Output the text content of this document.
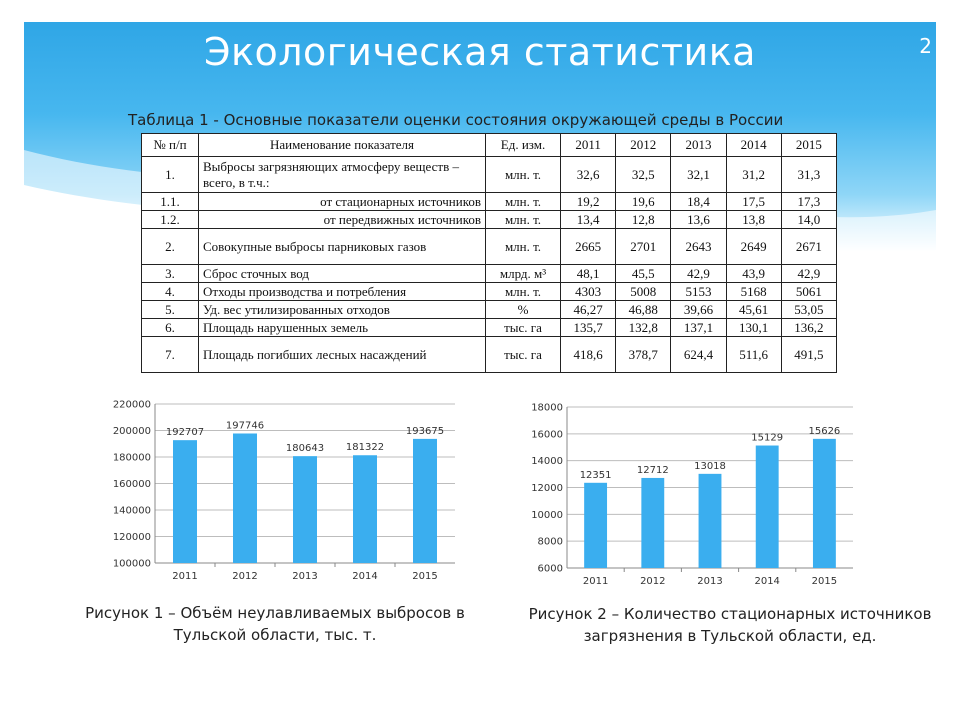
Экологическая статистика	2
Таблица 1 - Основные показатели оценки состояния окружающей среды в России
№ п/п	Наименование показателя	Ед. изм.	2011	2012	2013	2014	2015
1.	Выбросы загрязняющих атмосферу веществ – всего, в т.ч.:	млн. т.	32,6	32,5	32,1	31,2	31,3
1.1.	от стационарных источников	млн. т.	19,2	19,6	18,4	17,5	17,3
1.2.	от передвижных источников	млн. т.	13,4	12,8	13,6	13,8	14,0
2.	Совокупные выбросы парниковых газов	млн. т.	2665	2701	2643	2649	2671
3.	Сброс сточных вод	млрд. м³	48,1	45,5	42,9	43,9	42,9
4.	Отходы производства и потребления	млн. т.	4303	5008	5153	5168	5061
5.	Уд. вес утилизированных отходов	%	46,27	46,88	39,66	45,61	53,05
6.	Площадь нарушенных земель	тыс. га	135,7	132,8	137,1	130,1	136,2
7.	Площадь погибших лесных насаждений	тыс. га	418,6	378,7	624,4	511,6	491,5
100000
120000
140000
160000
180000
200000
220000
192707
2011
197746
2012
180643
2013
181322
2014
193675
2015
6000
8000
10000
12000
14000
16000
18000
12351
2011
12712
2012
13018
2013
15129
2014
15626
2015
Рисунок 1 – Объём неулавливаемых выбросов в
Тульской области, тыс. т.
Рисунок 2 – Количество стационарных источников
загрязнения в Тульской области, ед.
